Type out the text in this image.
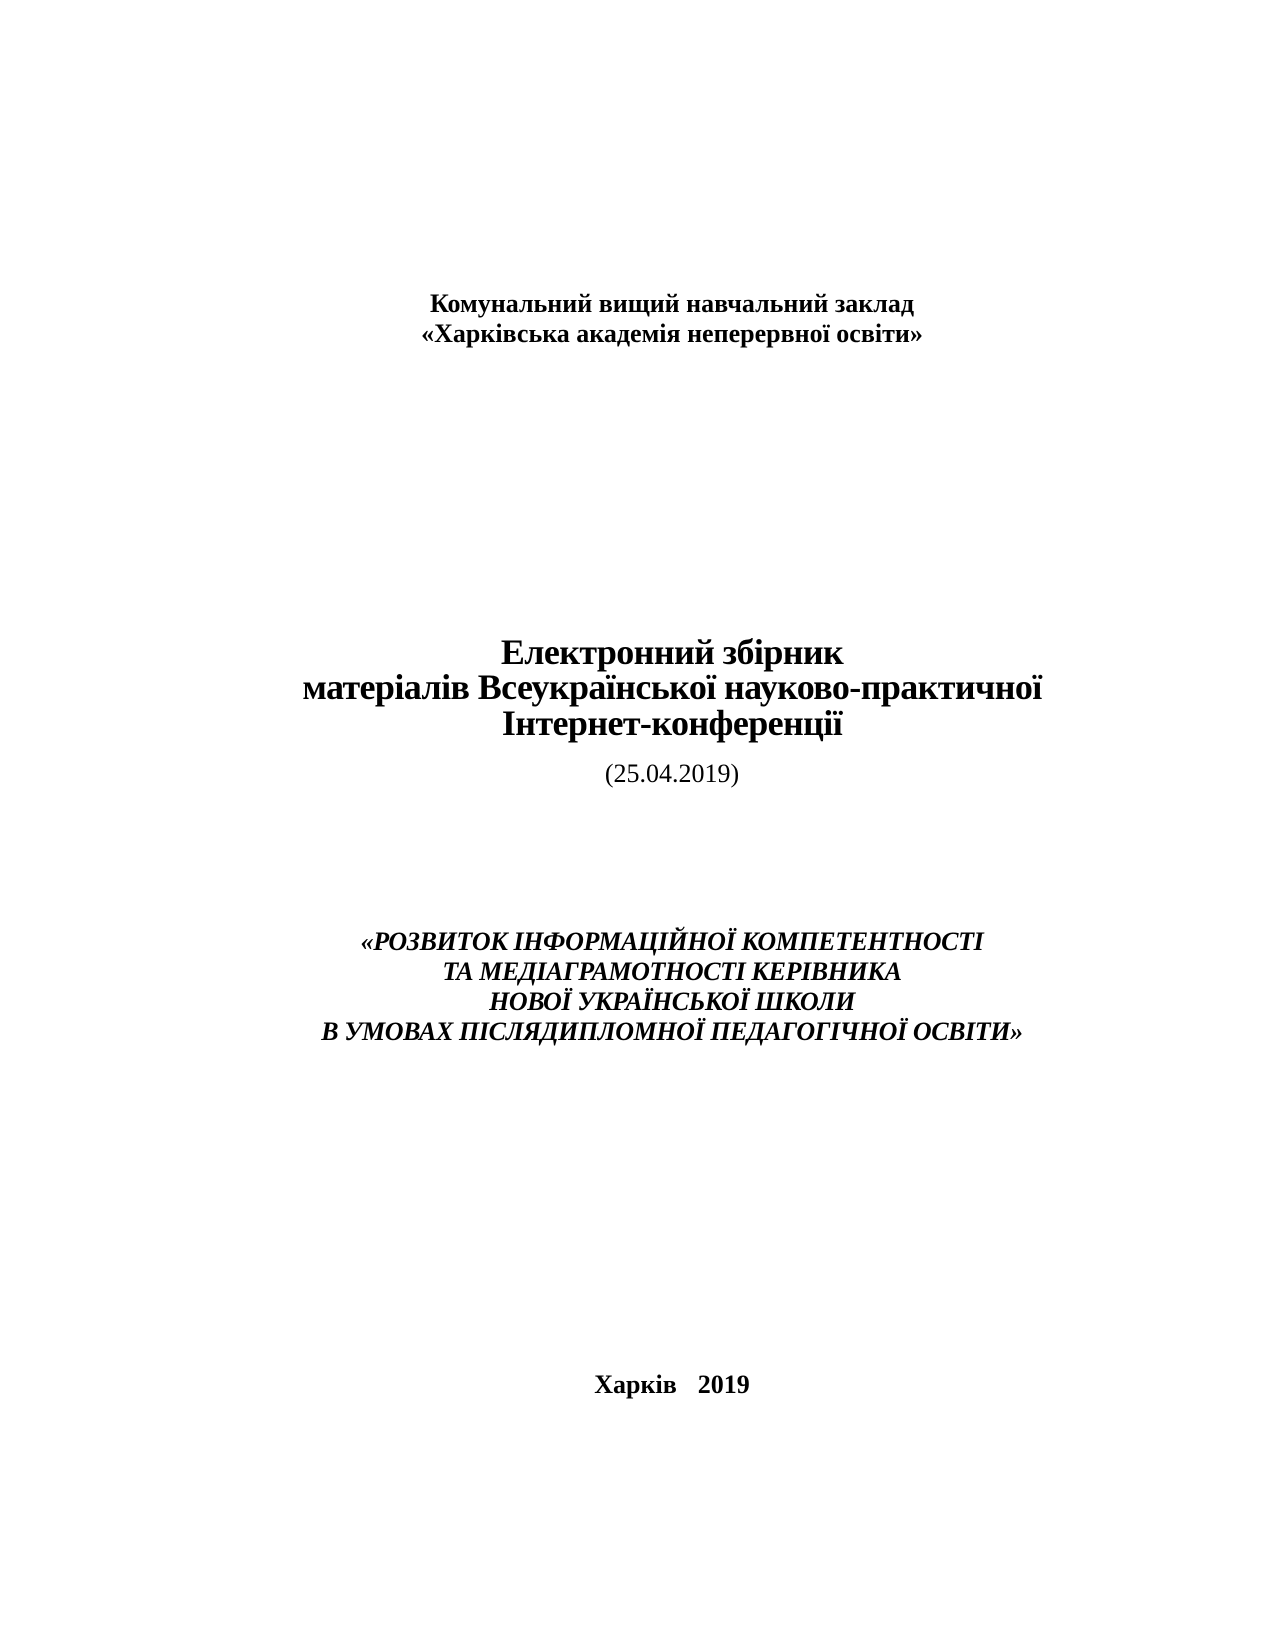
Комунальний вищий навчальний заклад
«Харківська академія неперервної освіти»
Електронний збірник
матеріалів Всеукраїнської науково-практичної
Інтернет-конференції
(25.04.2019)
«РОЗВИТОК ІНФОРМАЦІЙНОЇ КОМПЕТЕНТНОСТІ
ТА МЕДІАГРАМОТНОСТІ КЕРІВНИКА
НОВОЇ УКРАЇНСЬКОЇ ШКОЛИ
В УМОВАХ ПІСЛЯДИПЛОМНОЇ ПЕДАГОГІЧНОЇ ОСВІТИ»
Харків  2019
